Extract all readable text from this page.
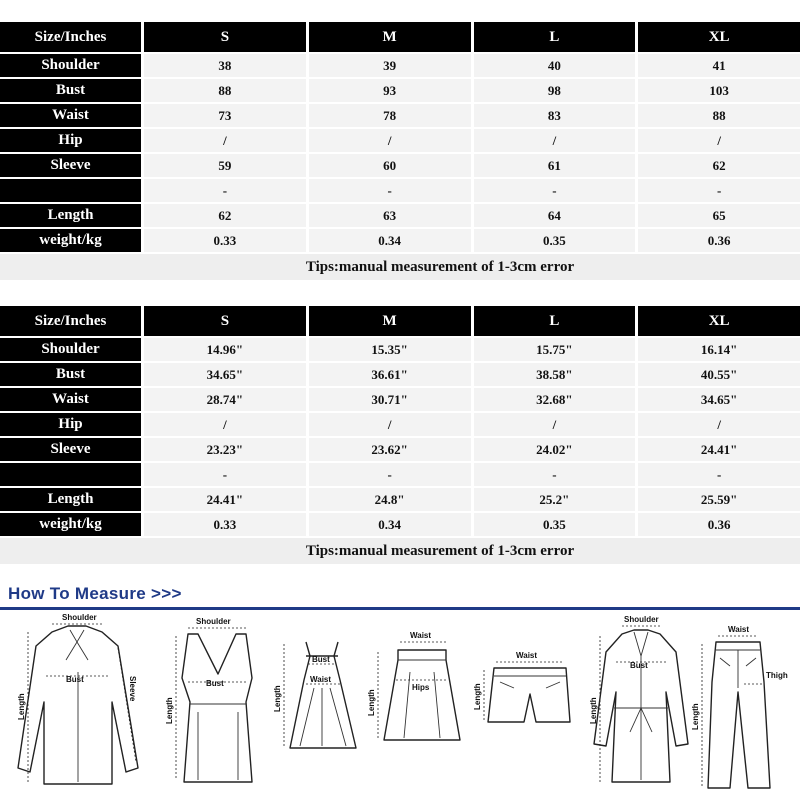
Size/Inches		S		M		L		XL
Shoulder		38		39		40		41
Bust		88		93		98		103
Waist		73		78		83		88
Hip		/		/		/		/
Sleeve		59		60		61		62
		-		-		-		-
Length		62		63		64		65
weight/kg		0.33		0.34		0.35		0.36
Tips:manual measurement of 1-3cm error								
Size/Inches		S		M		L		XL
Shoulder		14.96"		15.35"		15.75"		16.14"
Bust		34.65"		36.61"		38.58"		40.55"
Waist		28.74"		30.71"		32.68"		34.65"
Hip		/		/		/		/
Sleeve		23.23"		23.62"		24.02"		24.41"
		-		-		-		-
Length		24.41"		24.8"		25.2"		25.59"
weight/kg		0.33		0.34		0.35		0.36
Tips:manual measurement of 1-3cm error								
How To Measure >>>
Shoulder
Length
Bust	Sleeve
Shoulder
Length
Bust
Bust
Waist
Length
Waist
Hips
Length
Waist
Length
Shoulder
Bust
Length
Waist
Thigh
Length
